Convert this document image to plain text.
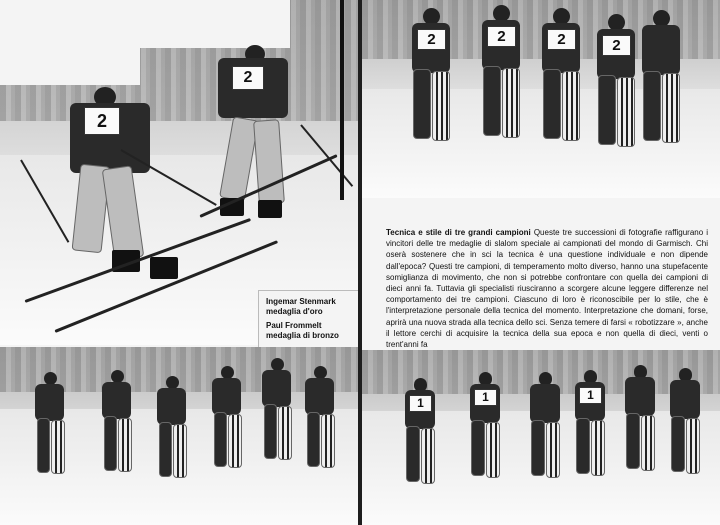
2
2
Ingemar Stenmark
medaglia d'oro
Paul Frommelt
medaglia di bronzo
2	2	2	2
1	1	1
Tecnica e stile di tre grandi campioni Queste tre successioni di fotografie raffigurano i vincitori delle tre medaglie di slalom speciale ai campionati del mondo di Garmisch. Chi oserà sostenere che in sci la tecnica è una questione individuale e non dipende dall'epoca? Questi tre campioni, di temperamento molto diverso, hanno una stupefacente somiglianza di movimento, che non si potrebbe confrontare con quella dei campioni di dieci anni fa. Tuttavia gli specialisti riusciranno a scorgere alcune leggere differenze nel comportamento dei tre campioni. Ciascuno di loro è riconoscibile per lo stile, che è l'interpretazione personale della tecnica del momento. Interpretazione che domani, forse, aprirà una nuova strada alla tecnica dello sci. Senza temere di farsi « robotizzare », anche il lettore cerchi di acquisire la tecnica della sua epoca e non quella di dieci, venti o trent'anni fa
